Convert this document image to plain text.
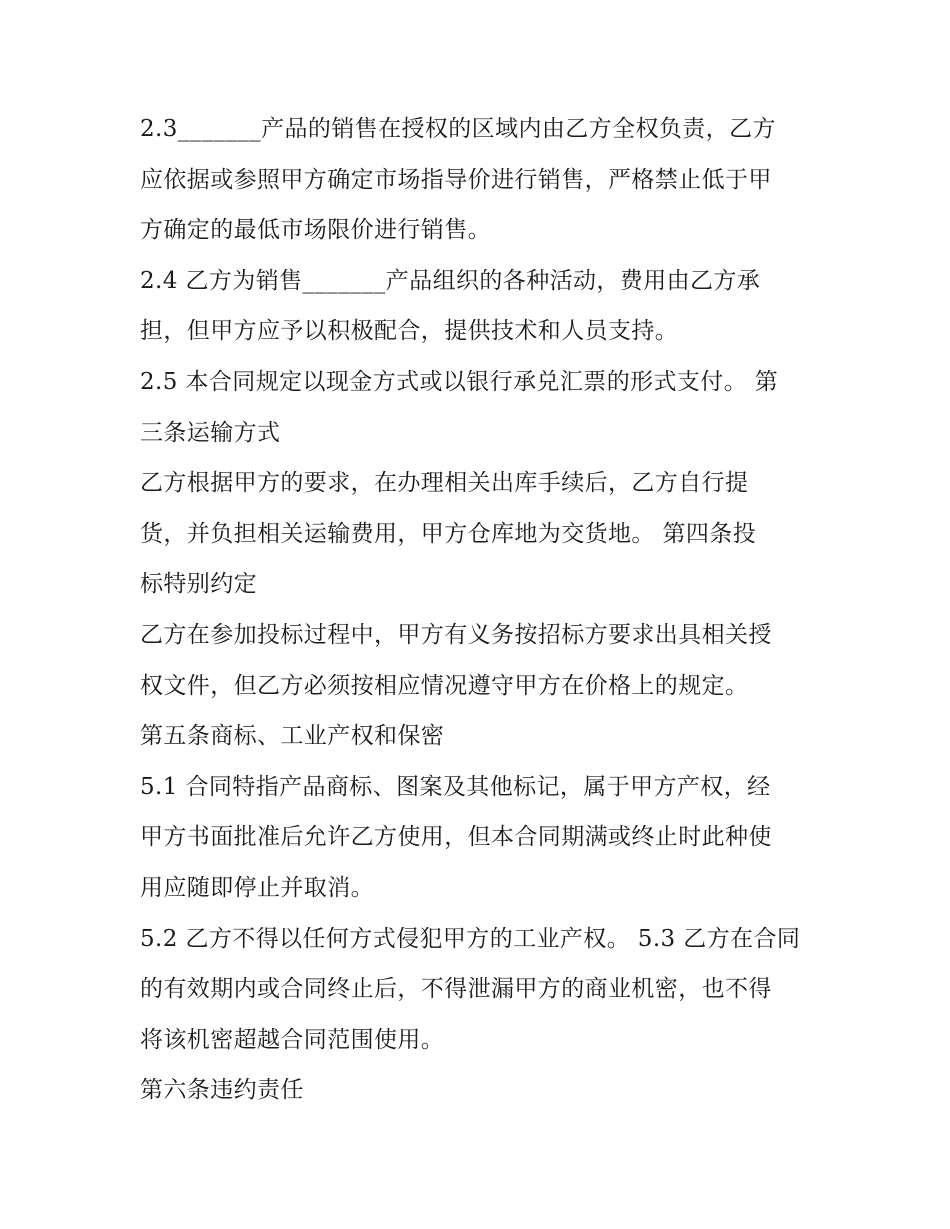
2.3_______产品的销售在授权的区域内由乙方全权负责，乙方
应依据或参照甲方确定市场指导价进行销售，严格禁止低于甲
方确定的最低市场限价进行销售。

2.4 乙方为销售_______产品组织的各种活动，费用由乙方承
担，但甲方应予以积极配合，提供技术和人员支持。

2.5 本合同规定以现金方式或以银行承兑汇票的形式支付。 第
三条运输方式

乙方根据甲方的要求，在办理相关出库手续后，乙方自行提
货，并负担相关运输费用，甲方仓库地为交货地。 第四条投
标特别约定

乙方在参加投标过程中，甲方有义务按招标方要求出具相关授
权文件，但乙方必须按相应情况遵守甲方在价格上的规定。

第五条商标、工业产权和保密

5.1 合同特指产品商标、图案及其他标记，属于甲方产权，经
甲方书面批准后允许乙方使用，但本合同期满或终止时此种使
用应随即停止并取消。

5.2 乙方不得以任何方式侵犯甲方的工业产权。 5.3 乙方在合同
的有效期内或合同终止后，不得泄漏甲方的商业机密，也不得
将该机密超越合同范围使用。

第六条违约责任
